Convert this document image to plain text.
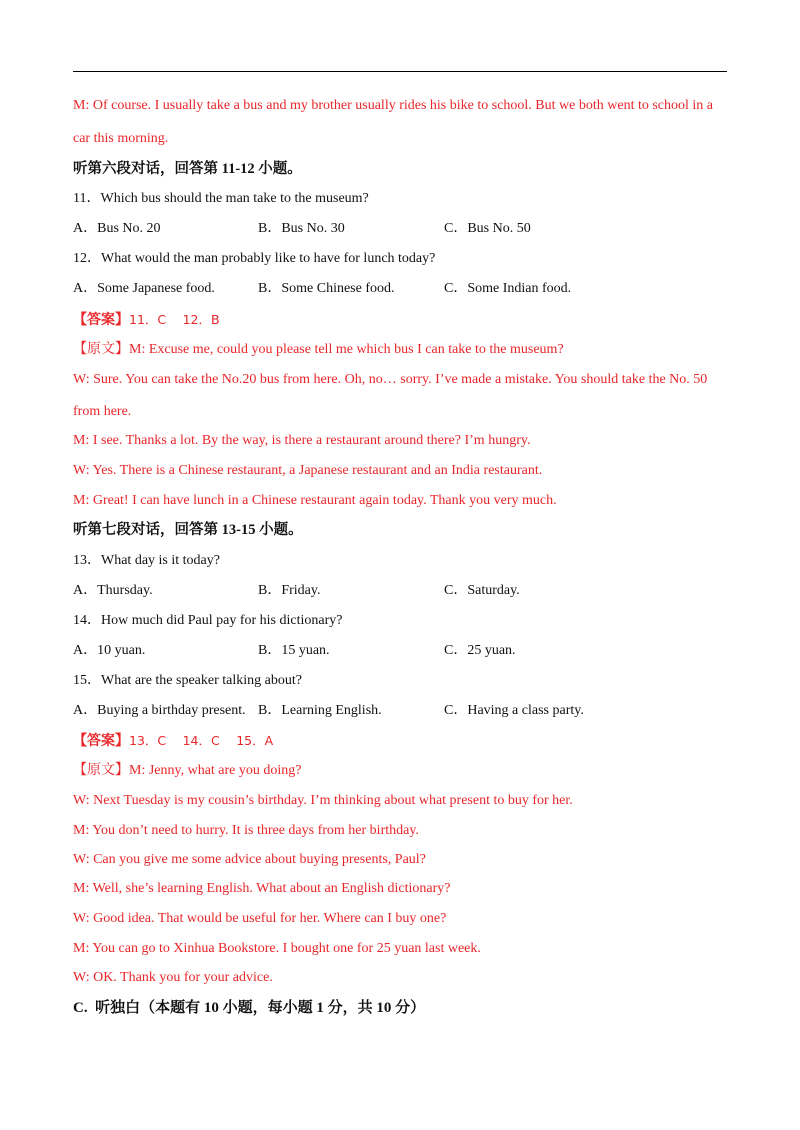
M: Of course. I usually take a bus and my brother usually rides his bike to school. But we both went to school in a
car this morning.
听第六段对话，回答第 11-12 小题。
11．Which bus should the man take to the museum?
A．Bus No. 20	B．Bus No. 30	C．Bus No. 50
12．What would the man probably like to have for lunch today?
A．Some Japanese food.	B．Some Chinese food.	C．Some Indian food.
【答案】11．C　 12．B
【原文】M: Excuse me, could you please tell me which bus I can take to the museum?
W: Sure. You can take the No.20 bus from here. Oh, no… sorry. I’ve made a mistake. You should take the No. 50
from here.
M: I see. Thanks a lot. By the way, is there a restaurant around there? I’m hungry.
W: Yes. There is a Chinese restaurant, a Japanese restaurant and an India restaurant.
M: Great! I can have lunch in a Chinese restaurant again today. Thank you very much.
听第七段对话，回答第 13-15 小题。
13．What day is it today?
A．Thursday.	B．Friday.	C．Saturday.
14．How much did Paul pay for his dictionary?
A．10 yuan.	B．15 yuan.	C．25 yuan.
15．What are the speaker talking about?
A．Buying a birthday present. B．Learning English.	C．Having a class party.
【答案】13．C　 14．C　 15．A
【原文】M: Jenny, what are you doing?
W: Next Tuesday is my cousin’s birthday. I’m thinking about what present to buy for her.
M: You don’t need to hurry. It is three days from her birthday.
W: Can you give me some advice about buying presents, Paul?
M: Well, she’s learning English. What about an English dictionary?
W: Good idea. That would be useful for her. Where can I buy one?
M: You can go to Xinhua Bookstore. I bought one for 25 yuan last week.
W: OK. Thank you for your advice.
C. 听独白（本题有 10 小题，每小题 1 分，共 10 分）
